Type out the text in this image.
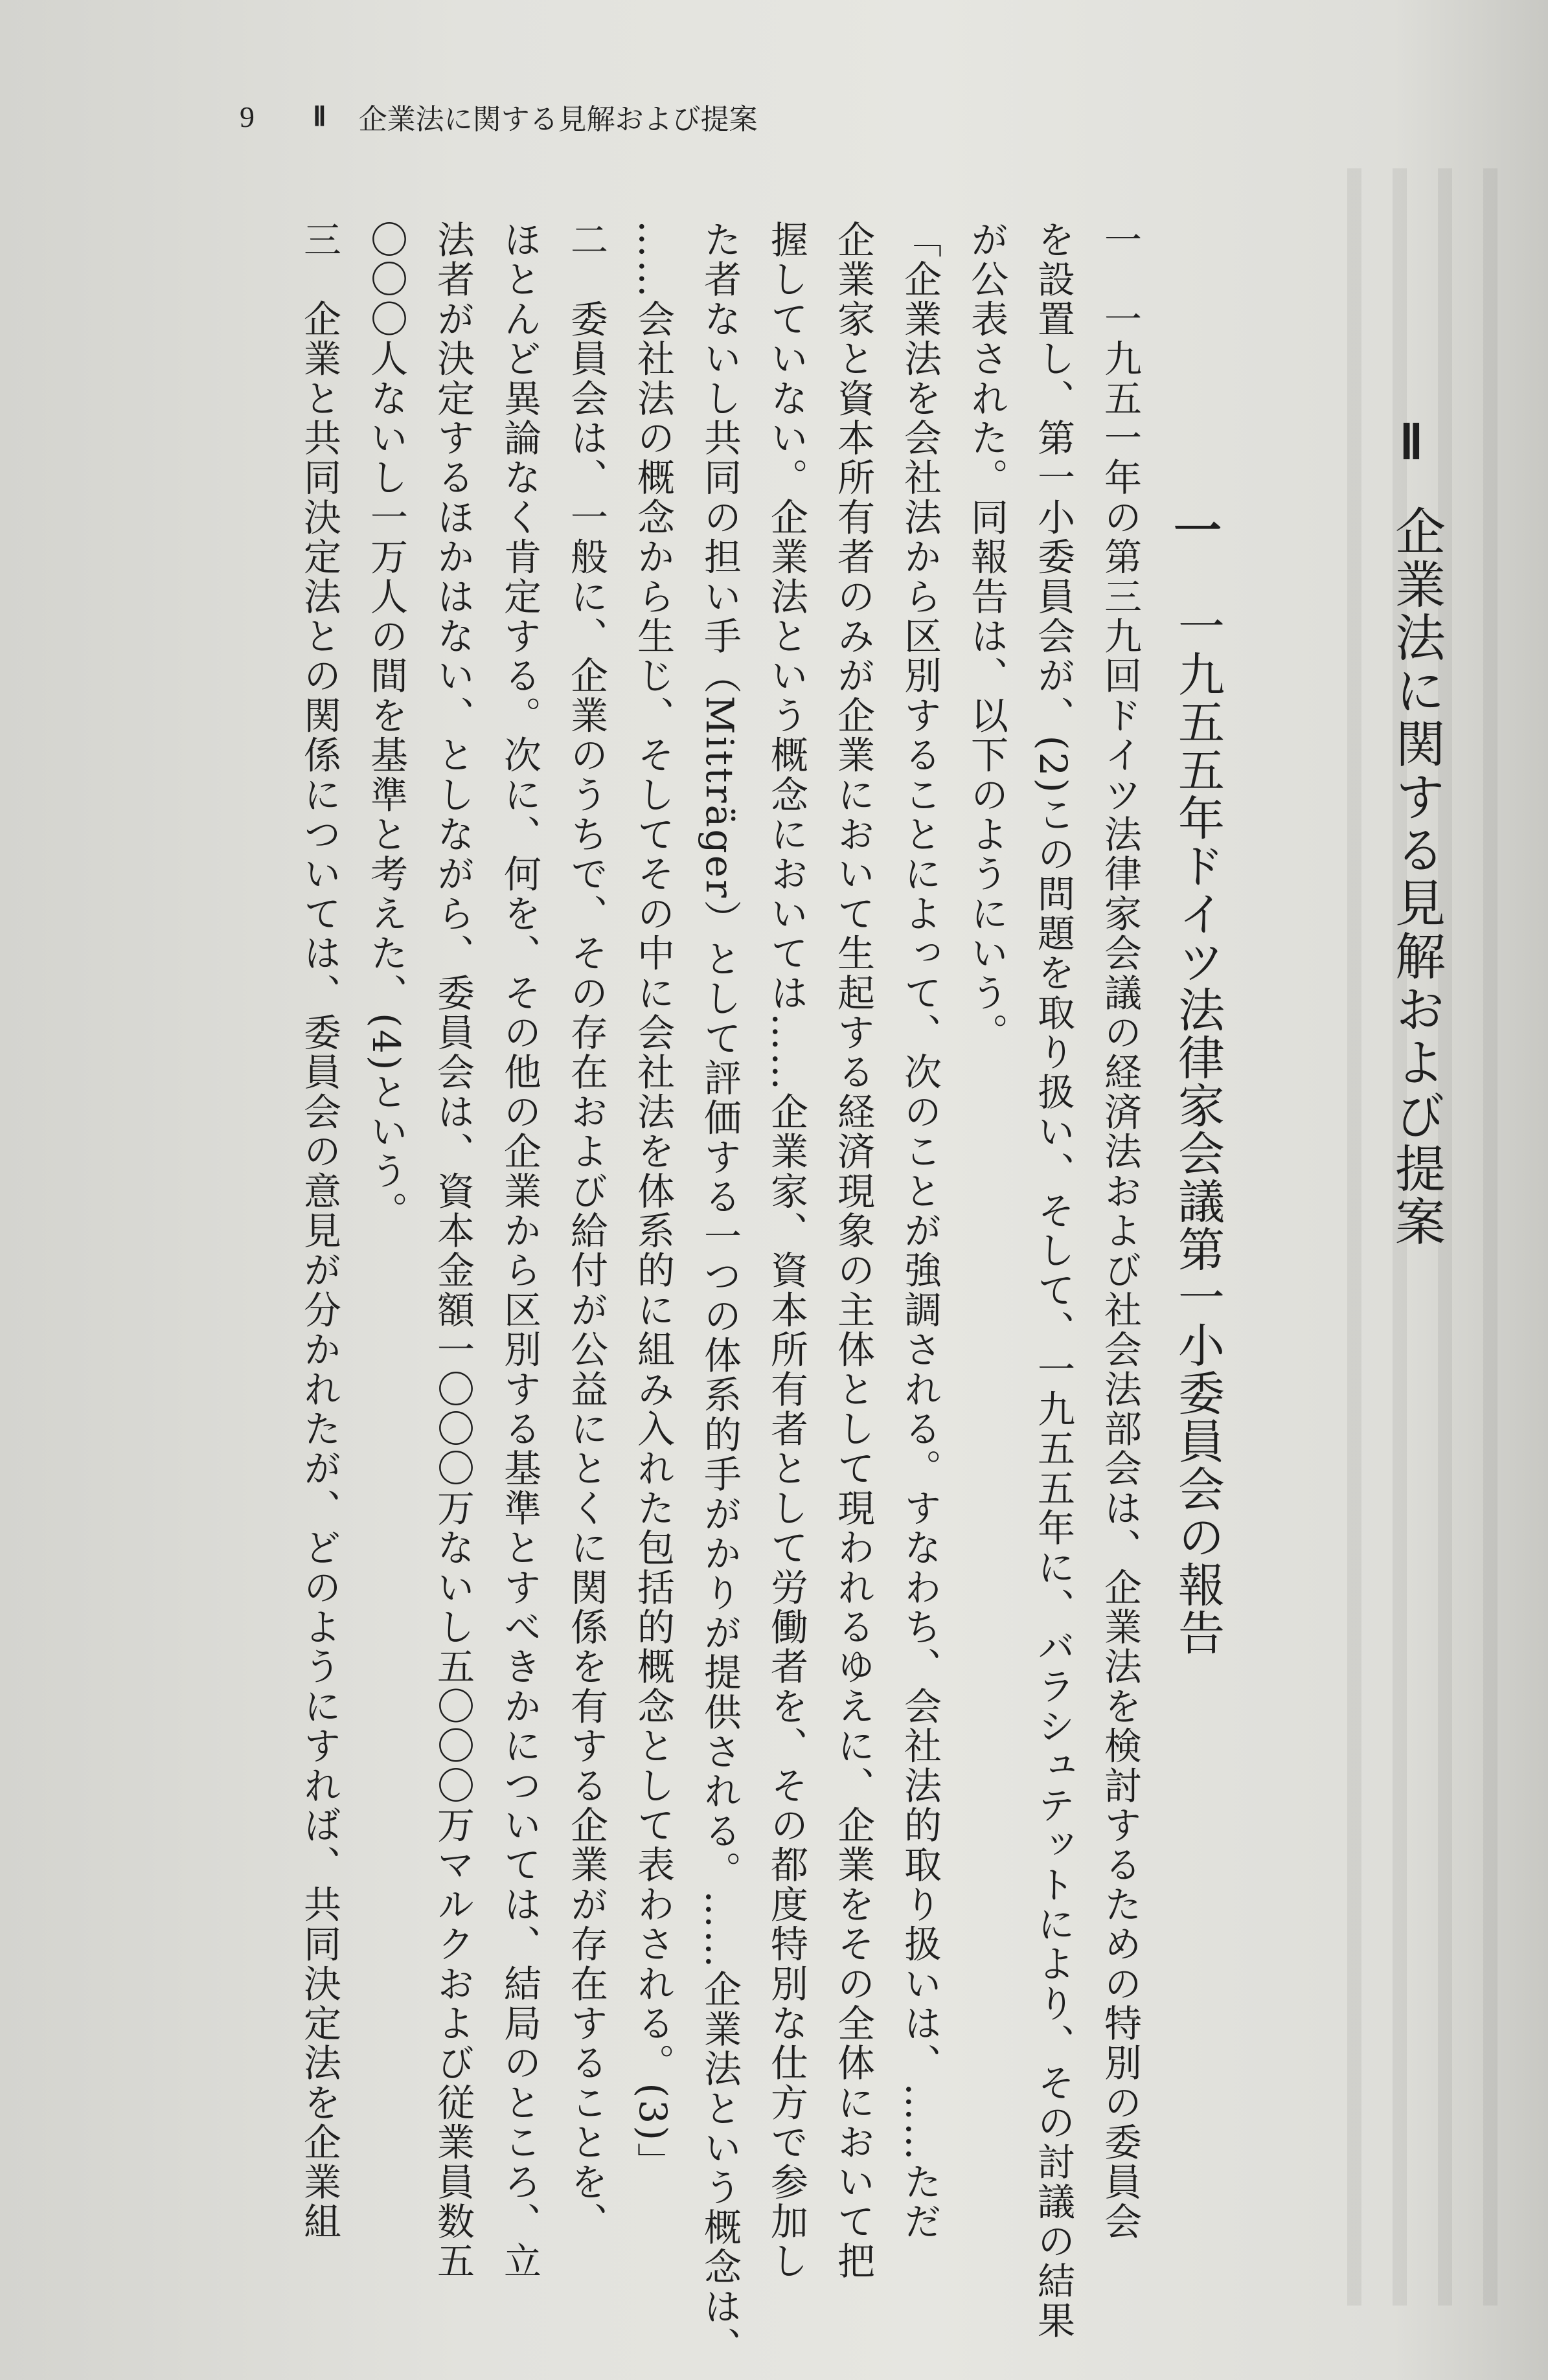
9 Ⅱ 企業法に関する見解および提案
Ⅱ
企業法に関する見解および提案
一
一九五五年ドイツ法律家会議第一小委員会の報告
一　一九五一年の第三九回ドイツ法律家会議の経済法および社会法部会は、企業法を検討するための特別の委員会
を設置し、第一小委員会が、(2)この問題を取り扱い、そして、一九五五年に、バラシュテットにより、その討議の結果
が公表された。同報告は、以下のようにいう。
「企業法を会社法から区別することによって、次のことが強調される。すなわち、会社法的取り扱いは、……ただ
企業家と資本所有者のみが企業において生起する経済現象の主体として現われるゆえに、企業をその全体において把
握していない。企業法という概念においては……企業家、資本所有者として労働者を、その都度特別な仕方で参加し
た者ないし共同の担い手（Mitträger）として評価する一つの体系的手がかりが提供される。……企業法という概念は、
……会社法の概念から生じ、そしてその中に会社法を体系的に組み入れた包括的概念として表わされる。(3)」
二　委員会は、一般に、企業のうちで、その存在および給付が公益にとくに関係を有する企業が存在することを、
ほとんど異論なく肯定する。次に、何を、その他の企業から区別する基準とすべきかについては、結局のところ、立
法者が決定するほかはない、としながら、委員会は、資本金額一〇〇〇万ないし五〇〇〇万マルクおよび従業員数五
〇〇〇人ないし一万人の間を基準と考えた、(4)という。
三　企業と共同決定法との関係については、委員会の意見が分かれたが、どのようにすれば、共同決定法を企業組
